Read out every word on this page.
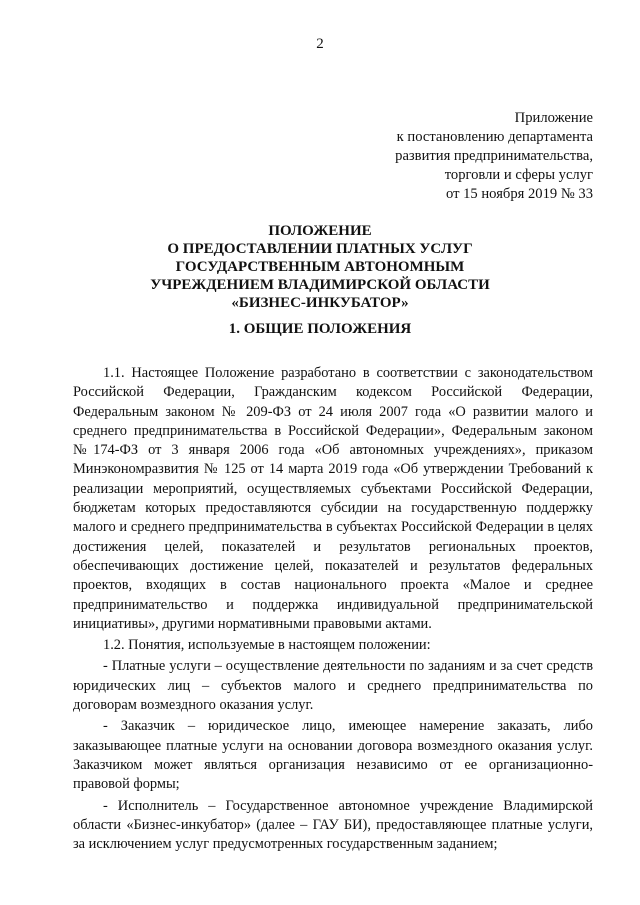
2
Приложение
к постановлению департамента
развития предпринимательства,
торговли и сферы услуг
от 15 ноября 2019 № 33
ПОЛОЖЕНИЕ
О ПРЕДОСТАВЛЕНИИ ПЛАТНЫХ УСЛУГ
ГОСУДАРСТВЕННЫМ АВТОНОМНЫМ
УЧРЕЖДЕНИЕМ ВЛАДИМИРСКОЙ ОБЛАСТИ
«БИЗНЕС-ИНКУБАТОР»
1. ОБЩИЕ ПОЛОЖЕНИЯ

1.1. Настоящее Положение разработано в соответствии с законодательством Российской Федерации, Гражданским кодексом Российской Федерации, Федеральным законом № 209-ФЗ от 24 июля 2007 года «О развитии малого и среднего предпринимательства в Российской Федерации», Федеральным законом №174-ФЗ от 3 января 2006 года «Об автономных учреждениях», приказом Минэкономразвития № 125 от 14 марта 2019 года «Об утверждении Требований к реализации мероприятий, осуществляемых субъектами Российской Федерации, бюджетам которых предоставляются субсидии на государственную поддержку малого и среднего предпринимательства в субъектах Российской Федерации в целях достижения целей, показателей и результатов региональных проектов, обеспечивающих достижение целей, показателей и результатов федеральных проектов, входящих в состав национального проекта «Малое и среднее предпринимательство и поддержка индивидуальной предпринимательской инициативы», другими нормативными правовыми актами.

1.2. Понятия, используемые в настоящем положении:

- Платные услуги – осуществление деятельности по заданиям и за счет средств юридических лиц – субъектов малого и среднего предпринимательства по договорам возмездного оказания услуг.

- Заказчик – юридическое лицо, имеющее намерение заказать, либо заказывающее платные услуги на основании договора возмездного оказания услуг. Заказчиком может являться организация независимо от ее организационно-правовой формы;

- Исполнитель – Государственное автономное учреждение Владимирской области «Бизнес-инкубатор» (далее – ГАУ БИ), предоставляющее платные услуги, за исключением услуг предусмотренных государственным заданием;
